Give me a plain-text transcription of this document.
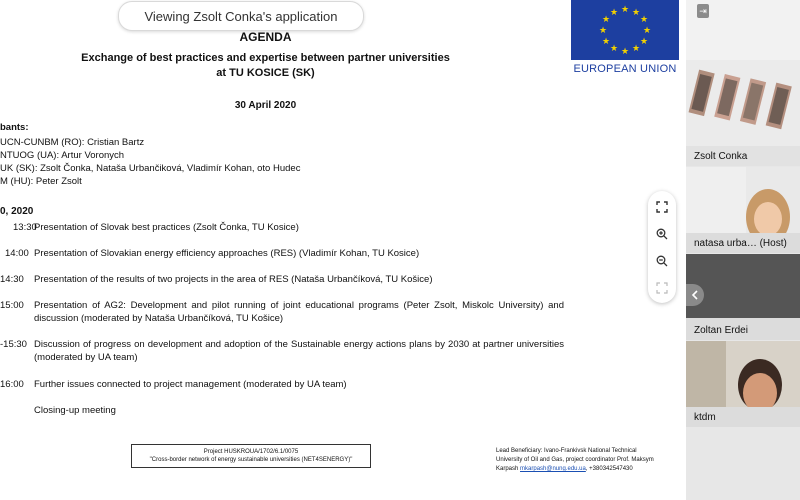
Viewing Zsolt Conka's application	★ ★
★
★
★
★
★
★
★
★
★
★
EUROPEAN UNION
AGENDA
Exchange of best practices and expertise between partner universities
at TU KOSICE (SK)
30 April 2020
bants:
UCN-CUNBM (RO): Cristian Bartz
NTUOG (UA): Artur Voronych
UK (SK): Zsolt Čonka, Nataša Urbančiková, Vladimír Kohan, oto Hudec
M (HU): Peter Zsolt
0, 2020
13:30
Presentation of Slovak best practices (Zsolt Čonka, TU Kosice)
14:00 Presentation of Slovakian energy efficiency approaches (RES) (Vladimír Kohan, TU Kosice)
14:30 Presentation of the results of two projects in the area of RES (Nataša Urbančíková, TU Košice)
15:00 Presentation of AG2: Development and pilot running of joint educational programs (Peter Zsolt, Miskolc University) and discussion (moderated by Nataša Urbančíková, TU Košice)
-15:30 Discussion of progress on development and adoption of the Sustainable energy actions plans by 2030 at partner universities (moderated by UA team)
16:00 Further issues connected to project management (moderated by UA team)
Closing-up meeting
Project HUSKROUA/1702/6.1/0075
"Cross-border network of energy sustainable universities (NET4SENERGY)"
Lead Beneficiary: Ivano-Frankivsk National Technical
University of Oil and Gas, project coordinator Prof. Maksym
Karpash mkarpash@nung.edu.ua, +380342547430
Zsolt Conka
natasa urba… (Host)
Zoltan Erdei
ktdm
⇥
